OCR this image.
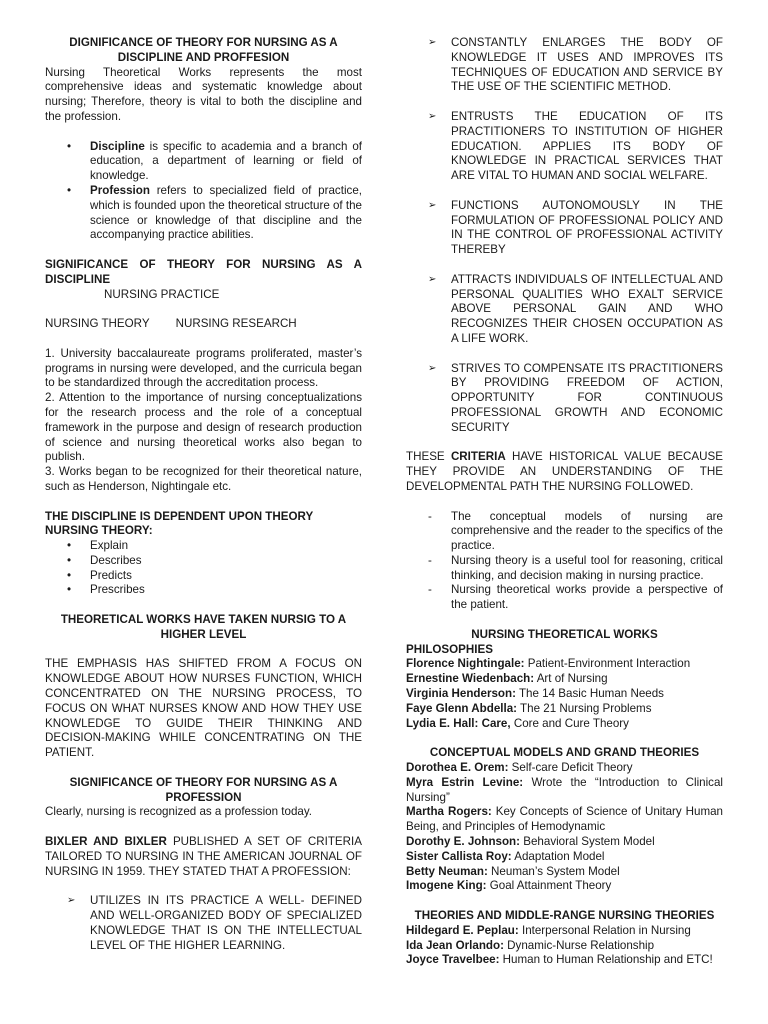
DIGNIFICANCE OF THEORY FOR NURSING AS A

DISCIPLINE AND PROFFESION

Nursing Theoretical Works represents the most comprehensive ideas and systematic knowledge about nursing; Therefore, theory is vital to both the discipline and the profession.

• Discipline is specific to academia and a branch of education, a department of learning or field of knowledge.
• Profession refers to specialized field of practice, which is founded upon the theoretical structure of the science or knowledge of that discipline and the accompanying practice abilities.

SIGNIFICANCE OF THEORY FOR NURSING AS A DISCIPLINE

NURSING PRACTICE

NURSING THEORY NURSING RESEARCH

1. University baccalaureate programs proliferated, master’s programs in nursing were developed, and the curricula began to be standardized through the accreditation process.

2. Attention to the importance of nursing conceptualizations for the research process and the role of a conceptual framework in the purpose and design of research production of science and nursing theoretical works also began to publish.

3. Works began to be recognized for their theoretical nature, such as Henderson, Nightingale etc.

THE DISCIPLINE IS DEPENDENT UPON THEORY

NURSING THEORY:

• Explain
• Describes
• Predicts
• Prescribes

THEORETICAL WORKS HAVE TAKEN NURSIG TO A

HIGHER LEVEL

THE EMPHASIS HAS SHIFTED FROM A FOCUS ON KNOWLEDGE ABOUT HOW NURSES FUNCTION, WHICH CONCENTRATED ON THE NURSING PROCESS, TO FOCUS ON WHAT NURSES KNOW AND HOW THEY USE KNOWLEDGE TO GUIDE THEIR THINKING AND DECISION-MAKING WHILE CONCENTRATING ON THE PATIENT.

SIGNIFICANCE OF THEORY FOR NURSING AS A

PROFESSION

Clearly, nursing is recognized as a profession today.

BIXLER AND BIXLER PUBLISHED A SET OF CRITERIA TAILORED TO NURSING IN THE AMERICAN JOURNAL OF NURSING IN 1959. THEY STATED THAT A PROFESSION:

➢ UTILIZES IN ITS PRACTICE A WELL- DEFINED AND WELL-ORGANIZED BODY OF SPECIALIZED KNOWLEDGE THAT IS ON THE INTELLECTUAL LEVEL OF THE HIGHER LEARNING.
➢ CONSTANTLY ENLARGES THE BODY OF KNOWLEDGE IT USES AND IMPROVES ITS TECHNIQUES OF EDUCATION AND SERVICE BY THE USE OF THE SCIENTIFIC METHOD.
➢ ENTRUSTS THE EDUCATION OF ITS PRACTITIONERS TO INSTITUTION OF HIGHER EDUCATION. APPLIES ITS BODY OF KNOWLEDGE IN PRACTICAL SERVICES THAT ARE VITAL TO HUMAN AND SOCIAL WELFARE.
➢ FUNCTIONS AUTONOMOUSLY IN THE FORMULATION OF PROFESSIONAL POLICY AND IN THE CONTROL OF PROFESSIONAL ACTIVITY THEREBY
➢ ATTRACTS INDIVIDUALS OF INTELLECTUAL AND PERSONAL QUALITIES WHO EXALT SERVICE ABOVE PERSONAL GAIN AND WHO RECOGNIZES THEIR CHOSEN OCCUPATION AS A LIFE WORK.
➢ STRIVES TO COMPENSATE ITS PRACTITIONERS BY PROVIDING FREEDOM OF ACTION, OPPORTUNITY FOR CONTINUOUS PROFESSIONAL GROWTH AND ECONOMIC SECURITY

THESE CRITERIA HAVE HISTORICAL VALUE BECAUSE THEY PROVIDE AN UNDERSTANDING OF THE DEVELOPMENTAL PATH THE NURSING FOLLOWED.

- The conceptual models of nursing are comprehensive and the reader to the specifics of the practice.
- Nursing theory is a useful tool for reasoning, critical thinking, and decision making in nursing practice.
- Nursing theoretical works provide a perspective of the patient.

NURSING THEORETICAL WORKS

PHILOSOPHIES

Florence Nightingale: Patient-Environment Interaction

Ernestine Wiedenbach: Art of Nursing

Virginia Henderson: The 14 Basic Human Needs

Faye Glenn Abdella: The 21 Nursing Problems

Lydia E. Hall: Care, Core and Cure Theory

CONCEPTUAL MODELS AND GRAND THEORIES

Dorothea E. Orem: Self-care Deficit Theory

Myra Estrin Levine: Wrote the “Introduction to Clinical Nursing”

Martha Rogers: Key Concepts of Science of Unitary Human Being, and Principles of Hemodynamic

Dorothy E. Johnson: Behavioral System Model

Sister Callista Roy: Adaptation Model

Betty Neuman: Neuman’s System Model

Imogene King: Goal Attainment Theory

THEORIES AND MIDDLE-RANGE NURSING THEORIES

Hildegard E. Peplau: Interpersonal Relation in Nursing

Ida Jean Orlando: Dynamic-Nurse Relationship

Joyce Travelbee: Human to Human Relationship and ETC!
